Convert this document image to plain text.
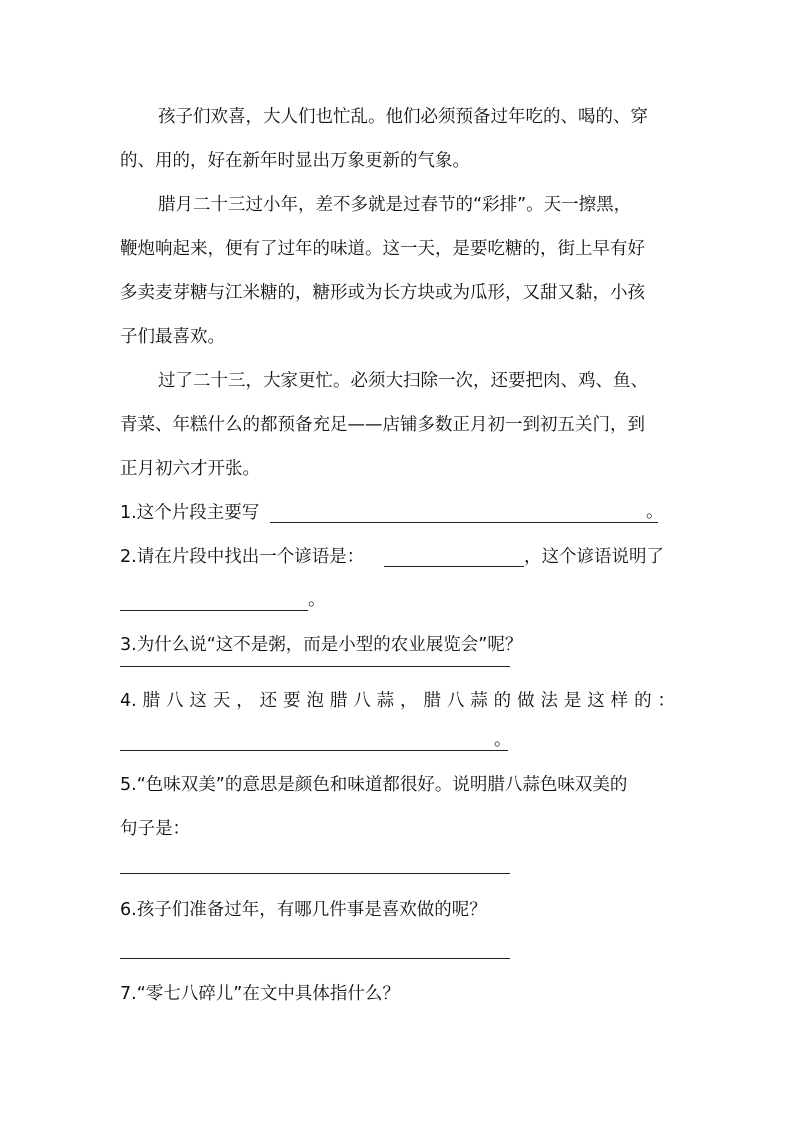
孩子们欢喜，大人们也忙乱。他们必须预备过年吃的、喝的、穿
的、用的，好在新年时显出万象更新的气象。
腊月二十三过小年，差不多就是过春节的“彩排”。天一擦黑，
鞭炮响起来，便有了过年的味道。这一天，是要吃糖的，街上早有好
多卖麦芽糖与江米糖的，糖形或为长方块或为瓜形，又甜又黏，小孩
子们最喜欢。
过了二十三，大家更忙。必须大扫除一次，还要把肉、鸡、鱼、
青菜、年糕什么的都预备充足——店铺多数正月初一到初五关门，到
正月初六才开张。
1.这个片段主要写	。
2.请在片段中找出一个谚语是：	，这个谚语说明了
。
3.为什么说“这不是粥，而是小型的农业展览会”呢？
4.腊八这天，还要泡腊八蒜，腊八蒜的做法是这样的：
。
5.“色味双美”的意思是颜色和味道都很好。说明腊八蒜色味双美的
句子是：
6.孩子们准备过年，有哪几件事是喜欢做的呢？
7.“零七八碎儿”在文中具体指什么？
